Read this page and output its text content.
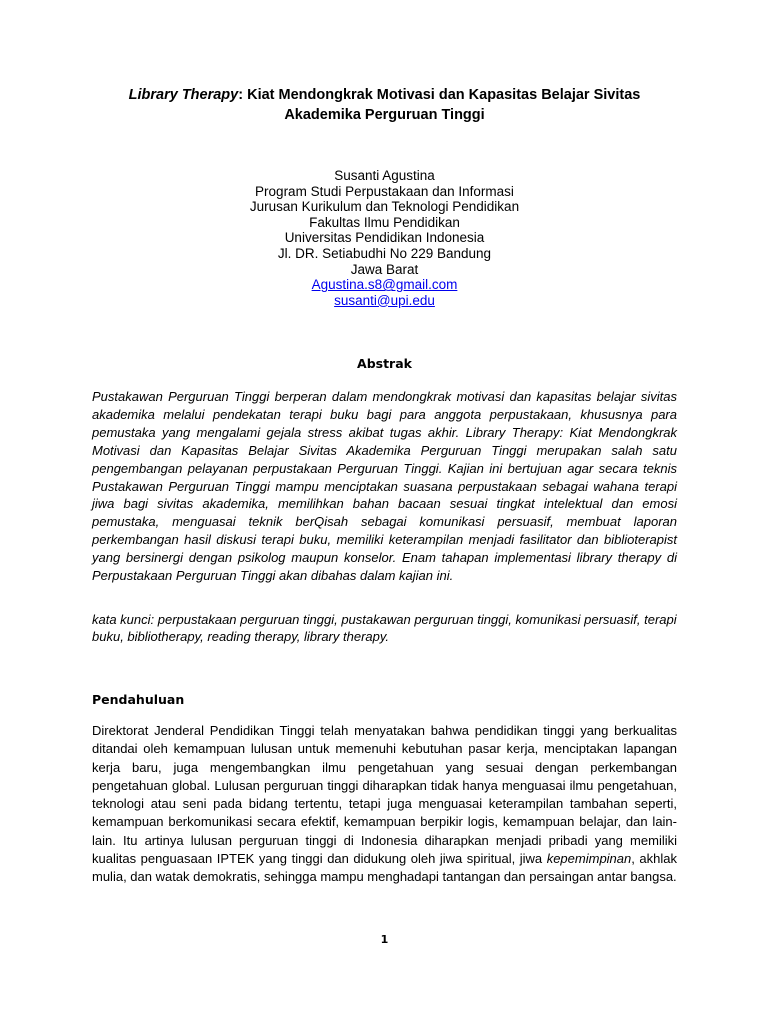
Library Therapy: Kiat Mendongkrak Motivasi dan Kapasitas Belajar Sivitas
Akademika Perguruan Tinggi
Susanti Agustina
Program Studi Perpustakaan dan Informasi
Jurusan Kurikulum dan Teknologi Pendidikan
Fakultas Ilmu Pendidikan
Universitas Pendidikan Indonesia
Jl. DR. Setiabudhi No 229 Bandung
Jawa Barat
Agustina.s8@gmail.com
susanti@upi.edu
Abstrak

Pustakawan Perguruan Tinggi berperan dalam mendongkrak motivasi dan kapasitas belajar sivitas akademika melalui pendekatan terapi buku bagi para anggota perpustakaan, khususnya para pemustaka yang mengalami gejala stress akibat tugas akhir. Library Therapy: Kiat Mendongkrak Motivasi dan Kapasitas Belajar Sivitas Akademika Perguruan Tinggi merupakan salah satu pengembangan pelayanan perpustakaan Perguruan Tinggi. Kajian ini bertujuan agar secara teknis Pustakawan Perguruan Tinggi mampu menciptakan suasana perpustakaan sebagai wahana terapi jiwa bagi sivitas akademika, memilihkan bahan bacaan sesuai tingkat intelektual dan emosi pemustaka, menguasai teknik berQisah sebagai komunikasi persuasif, membuat laporan perkembangan hasil diskusi terapi buku, memiliki keterampilan menjadi fasilitator dan biblioterapist yang bersinergi dengan psikolog maupun konselor. Enam tahapan implementasi library therapy di Perpustakaan Perguruan Tinggi akan dibahas dalam kajian ini.

kata kunci: perpustakaan perguruan tinggi, pustakawan perguruan tinggi, komunikasi persuasif, terapi buku, bibliotherapy, reading therapy, library therapy.

Pendahuluan

Direktorat Jenderal Pendidikan Tinggi telah menyatakan bahwa pendidikan tinggi yang berkualitas ditandai oleh kemampuan lulusan untuk memenuhi kebutuhan pasar kerja, menciptakan lapangan kerja baru, juga mengembangkan ilmu pengetahuan yang sesuai dengan perkembangan pengetahuan global. Lulusan perguruan tinggi diharapkan tidak hanya menguasai ilmu pengetahuan, teknologi atau seni pada bidang tertentu, tetapi juga menguasai keterampilan tambahan seperti, kemampuan berkomunikasi secara efektif, kemampuan berpikir logis, kemampuan belajar, dan lain-lain. Itu artinya lulusan perguruan tinggi di Indonesia diharapkan menjadi pribadi yang memiliki kualitas penguasaan IPTEK yang tinggi dan didukung oleh jiwa spiritual, jiwa kepemimpinan, akhlak mulia, dan watak demokratis, sehingga mampu menghadapi tantangan dan persaingan antar bangsa.

1
